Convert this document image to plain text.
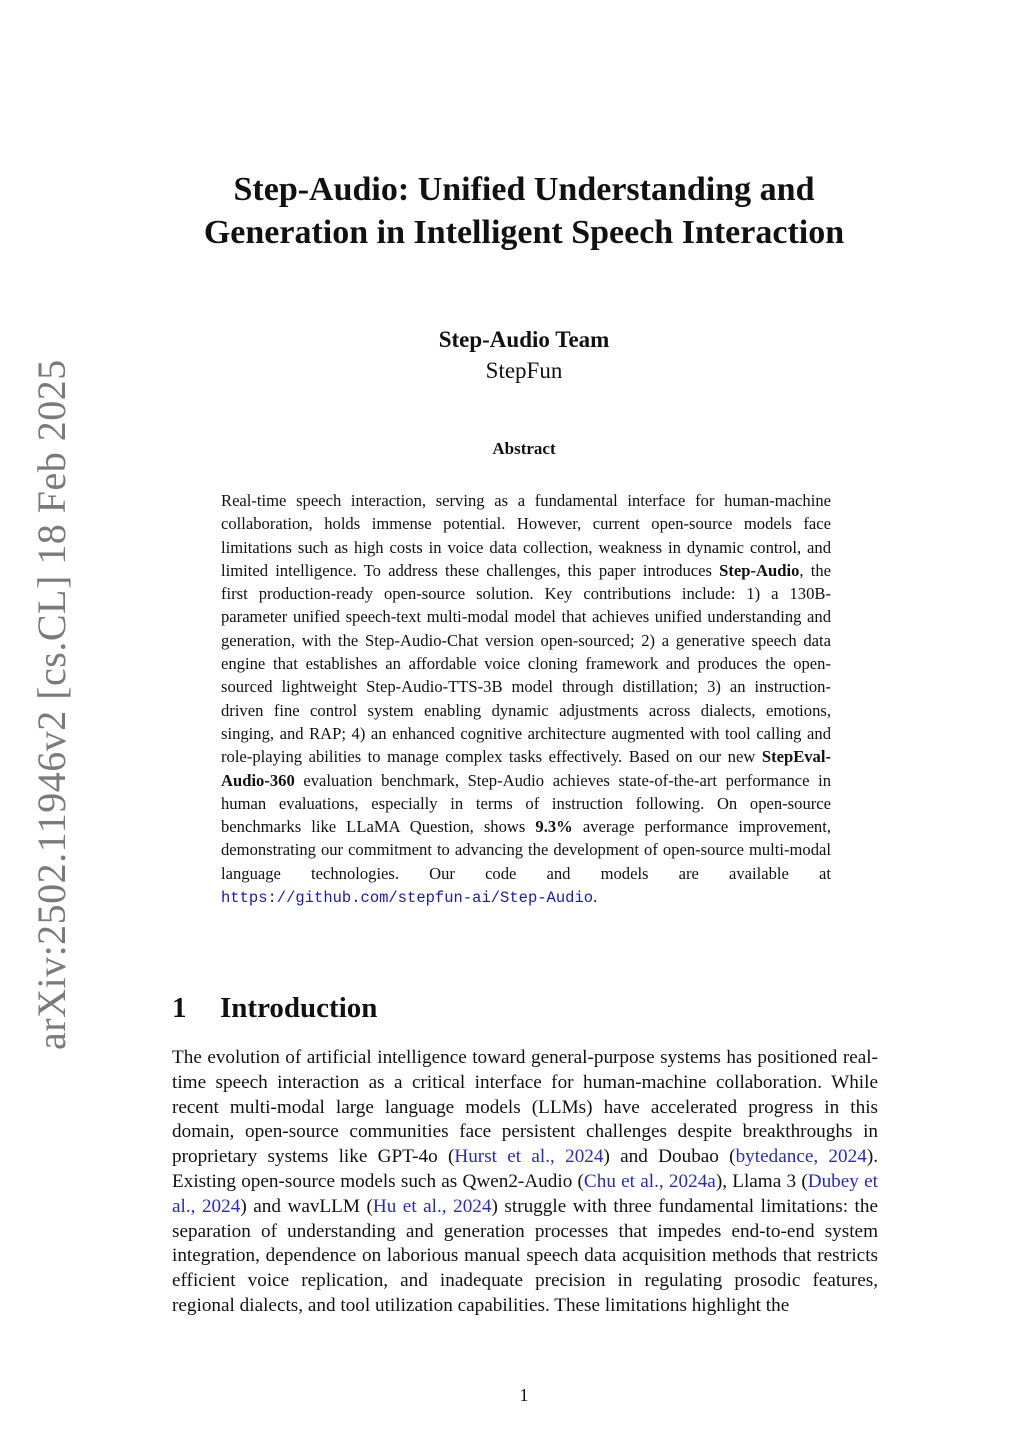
arXiv:2502.11946v2 [cs.CL] 18 Feb 2025
Step-Audio: Unified Understanding and Generation in Intelligent Speech Interaction
Step-Audio Team
StepFun
Abstract
Real-time speech interaction, serving as a fundamental interface for human-machine collaboration, holds immense potential. However, current open-source models face limitations such as high costs in voice data collection, weakness in dynamic control, and limited intelligence. To address these challenges, this paper introduces Step-Audio, the first production-ready open-source solution. Key contributions include: 1) a 130B-parameter unified speech-text multi-modal model that achieves unified understanding and generation, with the Step-Audio-Chat version open-sourced; 2) a generative speech data engine that establishes an affordable voice cloning framework and produces the open-sourced lightweight Step-Audio-TTS-3B model through distillation; 3) an instruction-driven fine control system enabling dynamic adjustments across dialects, emotions, singing, and RAP; 4) an enhanced cognitive architecture augmented with tool calling and role-playing abilities to manage complex tasks effectively. Based on our new StepEval-Audio-360 evaluation benchmark, Step-Audio achieves state-of-the-art performance in human evaluations, especially in terms of instruction following. On open-source benchmarks like LLaMA Question, shows 9.3% average performance improvement, demonstrating our commitment to advancing the development of open-source multi-modal language technologies. Our code and models are available at https://github.com/stepfun-ai/Step-Audio.
1 Introduction
The evolution of artificial intelligence toward general-purpose systems has positioned real-time speech interaction as a critical interface for human-machine collaboration. While recent multi-modal large language models (LLMs) have accelerated progress in this domain, open-source communities face persistent challenges despite breakthroughs in proprietary systems like GPT-4o (Hurst et al., 2024) and Doubao (bytedance, 2024). Existing open-source models such as Qwen2-Audio (Chu et al., 2024a), Llama 3 (Dubey et al., 2024) and wavLLM (Hu et al., 2024) struggle with three fundamental limitations: the separation of understanding and generation processes that impedes end-to-end system integration, dependence on laborious manual speech data acquisition methods that restricts efficient voice replication, and inadequate precision in regulating prosodic features, regional dialects, and tool utilization capabilities. These limitations highlight the
1
